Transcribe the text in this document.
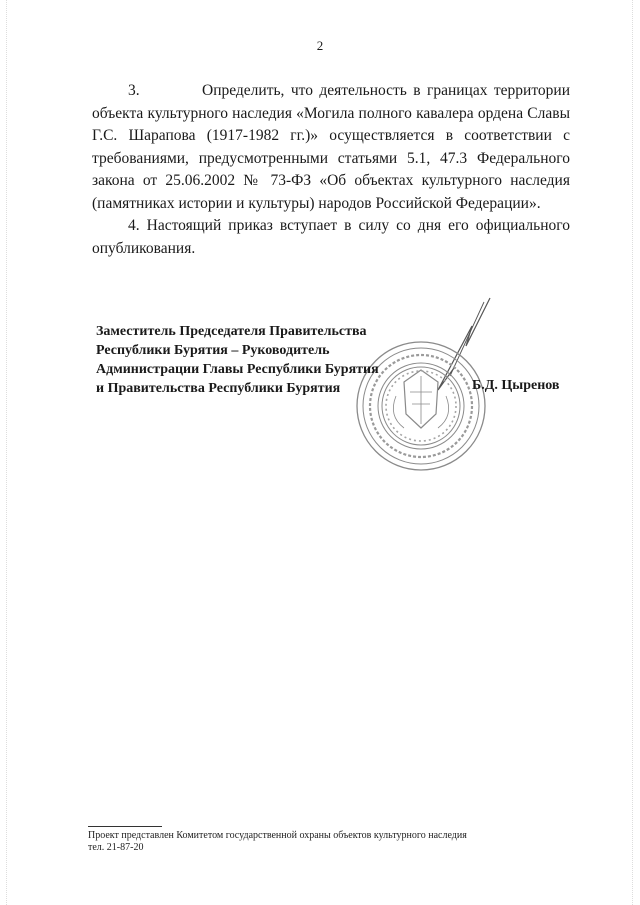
2

3.	Определить, что деятельность в границах территории объекта культурного наследия «Могила полного кавалера ордена Славы Г.С. Шарапова (1917-1982 гг.)» осуществляется в соответствии с требованиями, предусмотренными статьями 5.1, 47.3 Федерального закона от 25.06.2002 № 73-ФЗ «Об объектах культурного наследия (памятниках истории и культуры) народов Российской Федерации».

4. Настоящий приказ вступает в силу со дня его официального опубликования.

Заместитель Председателя Правительства
Республики Бурятия – Руководитель
Администрации Главы Республики Бурятия
и Правительства Республики Бурятия	Б.Д. Цыренов
Проект представлен Комитетом государственной охраны объектов культурного наследия
тел. 21-87-20
